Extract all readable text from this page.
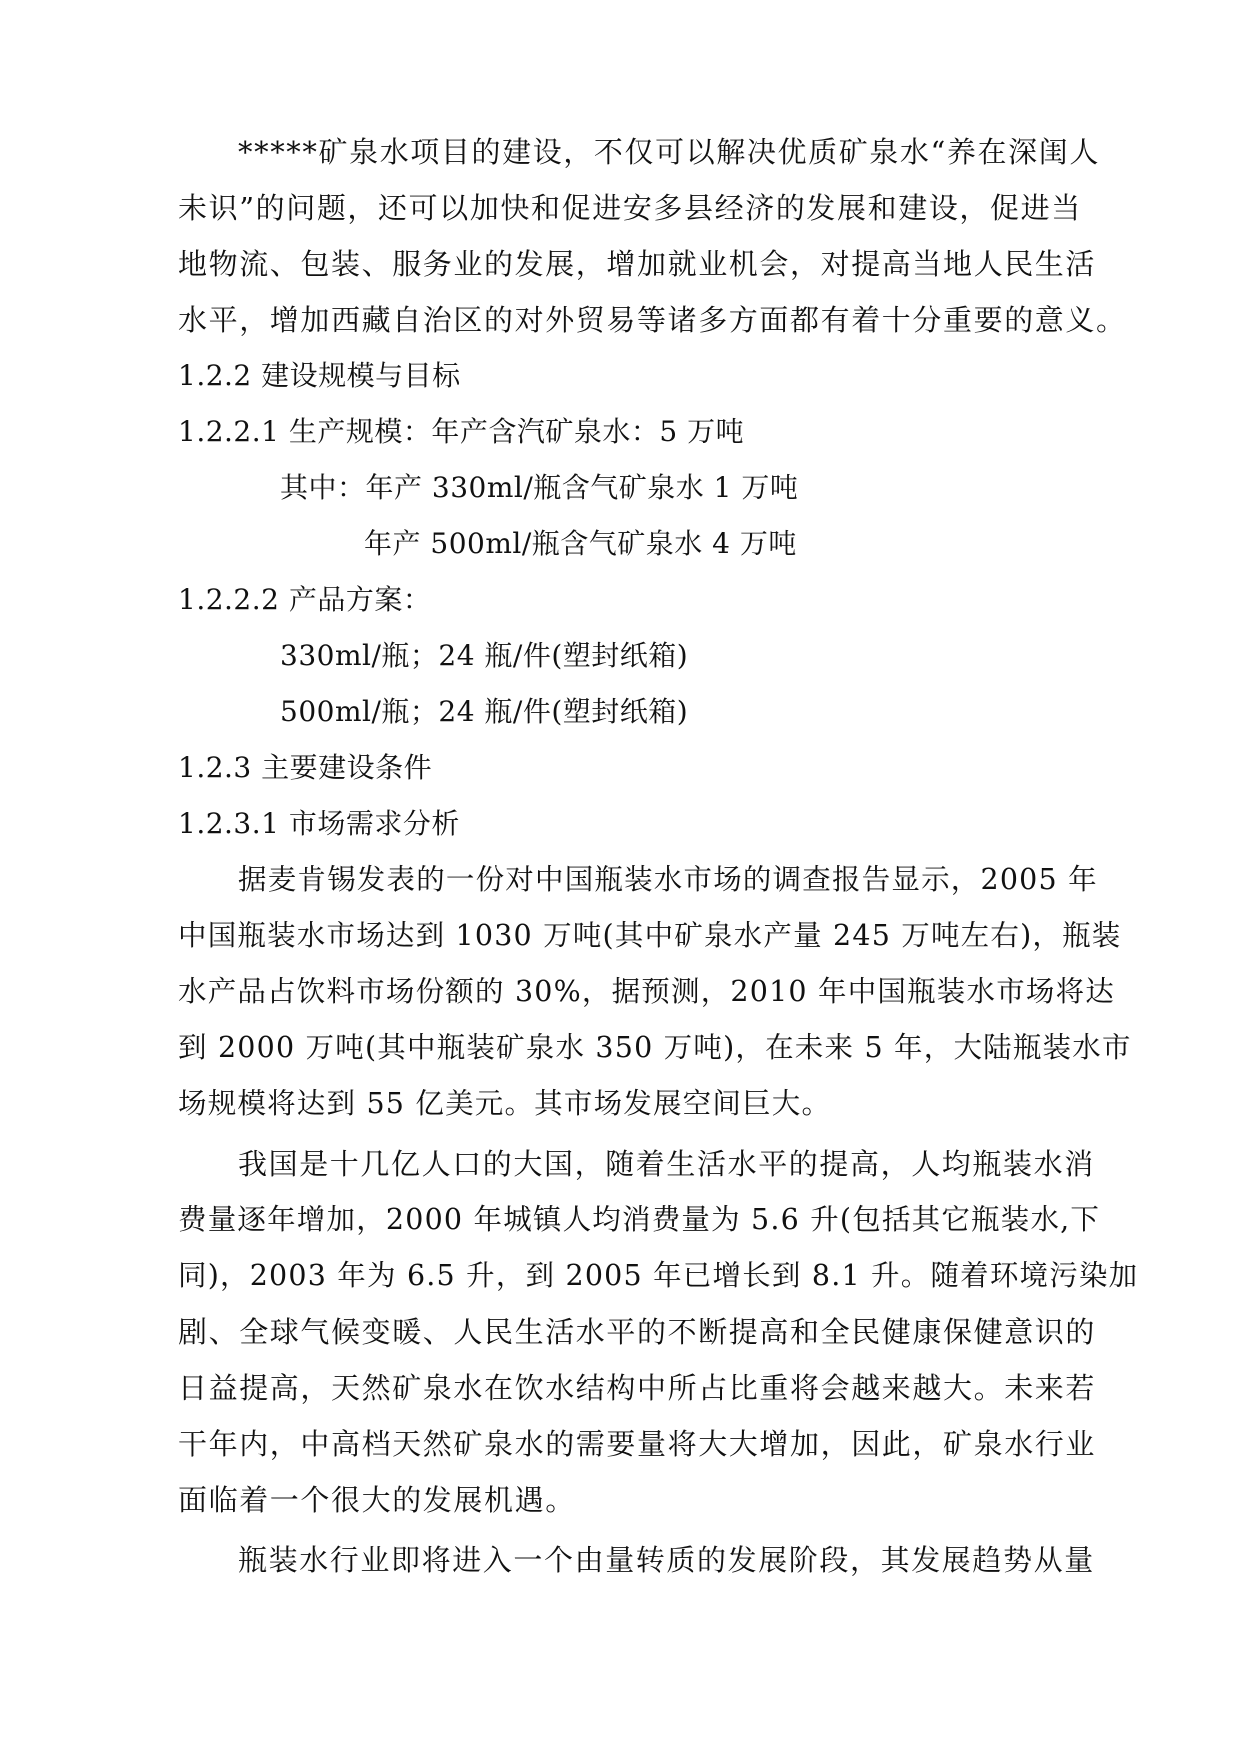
*****矿泉水项目的建设，不仅可以解决优质矿泉水“养在深闺人
未识”的问题，还可以加快和促进安多县经济的发展和建设，促进当
地物流、包装、服务业的发展，增加就业机会，对提高当地人民生活
水平，增加西藏自治区的对外贸易等诸多方面都有着十分重要的意义。
1.2.2 建设规模与目标
1.2.2.1 生产规模：年产含汽矿泉水：5 万吨
其中：年产 330ml/瓶含气矿泉水 1 万吨
年产 500ml/瓶含气矿泉水 4 万吨
1.2.2.2 产品方案：
330ml/瓶；24 瓶/件(塑封纸箱)
500ml/瓶；24 瓶/件(塑封纸箱)
1.2.3 主要建设条件
1.2.3.1 市场需求分析
据麦肯锡发表的一份对中国瓶装水市场的调查报告显示，2005 年
中国瓶装水市场达到 1030 万吨(其中矿泉水产量 245 万吨左右)，瓶装
水产品占饮料市场份额的 30%，据预测，2010 年中国瓶装水市场将达
到 2000 万吨(其中瓶装矿泉水 350 万吨)，在未来 5 年，大陆瓶装水市
场规模将达到 55 亿美元。其市场发展空间巨大。
我国是十几亿人口的大国，随着生活水平的提高，人均瓶装水消
费量逐年增加，2000 年城镇人均消费量为 5.6 升(包括其它瓶装水,下
同)，2003 年为 6.5 升，到 2005 年已增长到 8.1 升。随着环境污染加
剧、全球气候变暖、人民生活水平的不断提高和全民健康保健意识的
日益提高，天然矿泉水在饮水结构中所占比重将会越来越大。未来若
干年内，中高档天然矿泉水的需要量将大大增加，因此，矿泉水行业
面临着一个很大的发展机遇。
瓶装水行业即将进入一个由量转质的发展阶段，其发展趋势从量
